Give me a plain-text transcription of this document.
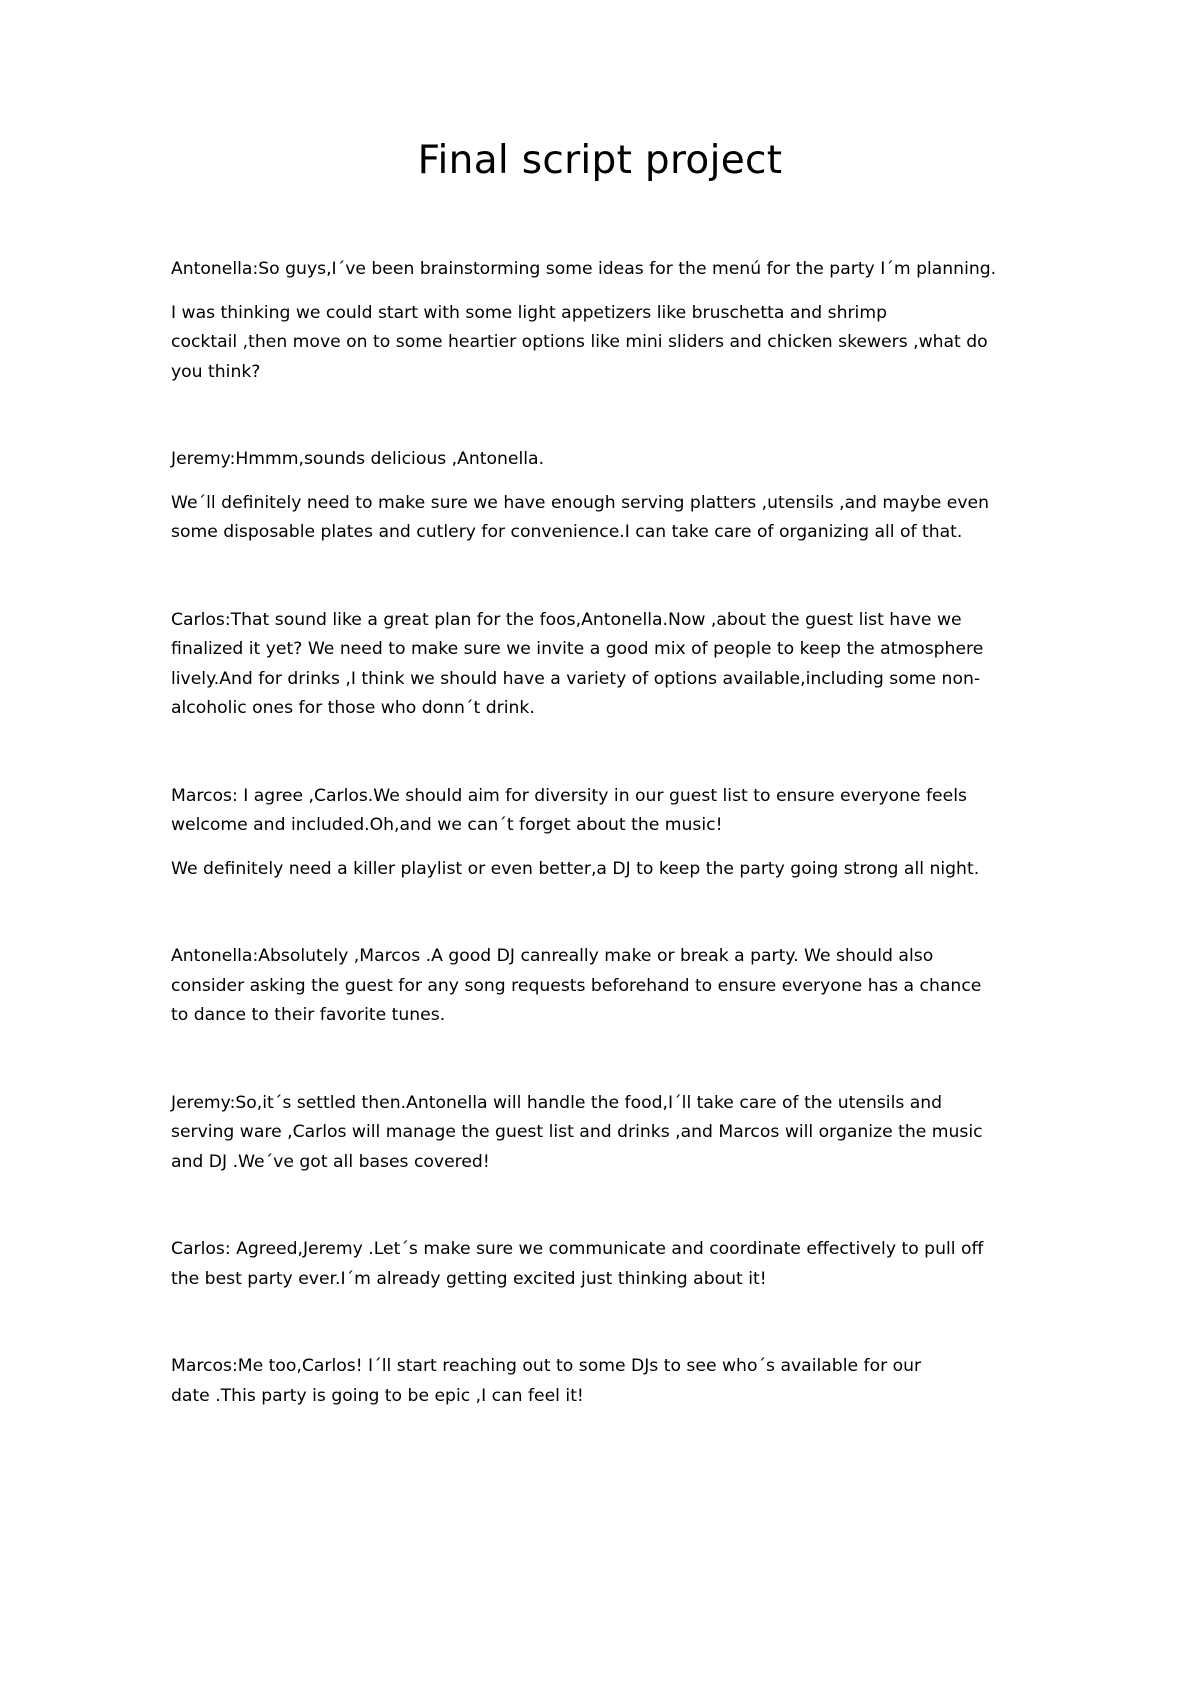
Final script project

Antonella:So guys,I´ve been brainstorming some ideas for the menú for the party I´m planning.

I was thinking we could start with some light appetizers like bruschetta and shrimp
cocktail ,then move on to some heartier options like mini sliders and chicken skewers ,what do
you think?

Jeremy:Hmmm,sounds delicious ,Antonella.

We´ll definitely need to make sure we have enough serving platters ,utensils ,and maybe even
some disposable plates and cutlery for convenience.I can take care of organizing all of that.

Carlos:That sound like a great plan for the foos,Antonella.Now ,about the guest list have we
finalized it yet? We need to make sure we invite a good mix of people to keep the atmosphere
lively.And for drinks ,I think we should have a variety of options available,including some non-
alcoholic ones for those who donn´t drink.

Marcos: I agree ,Carlos.We should aim for diversity in our guest list to ensure everyone feels
welcome and included.Oh,and we can´t forget about the music!

We definitely need a killer playlist or even better,a DJ to keep the party going strong all night.

Antonella:Absolutely ,Marcos .A good DJ canreally make or break a party. We should also
consider asking the guest for any song requests beforehand to ensure everyone has a chance
to dance to their favorite tunes.

Jeremy:So,it´s settled then.Antonella will handle the food,I´ll take care of the utensils and
serving ware ,Carlos will manage the guest list and drinks ,and Marcos will organize the music
and DJ .We´ve got all bases covered!

Carlos: Agreed,Jeremy .Let´s make sure we communicate and coordinate effectively to pull off
the best party ever.I´m already getting excited just thinking about it!

Marcos:Me too,Carlos! I´ll start reaching out to some DJs to see who´s available for our
date .This party is going to be epic ,I can feel it!
